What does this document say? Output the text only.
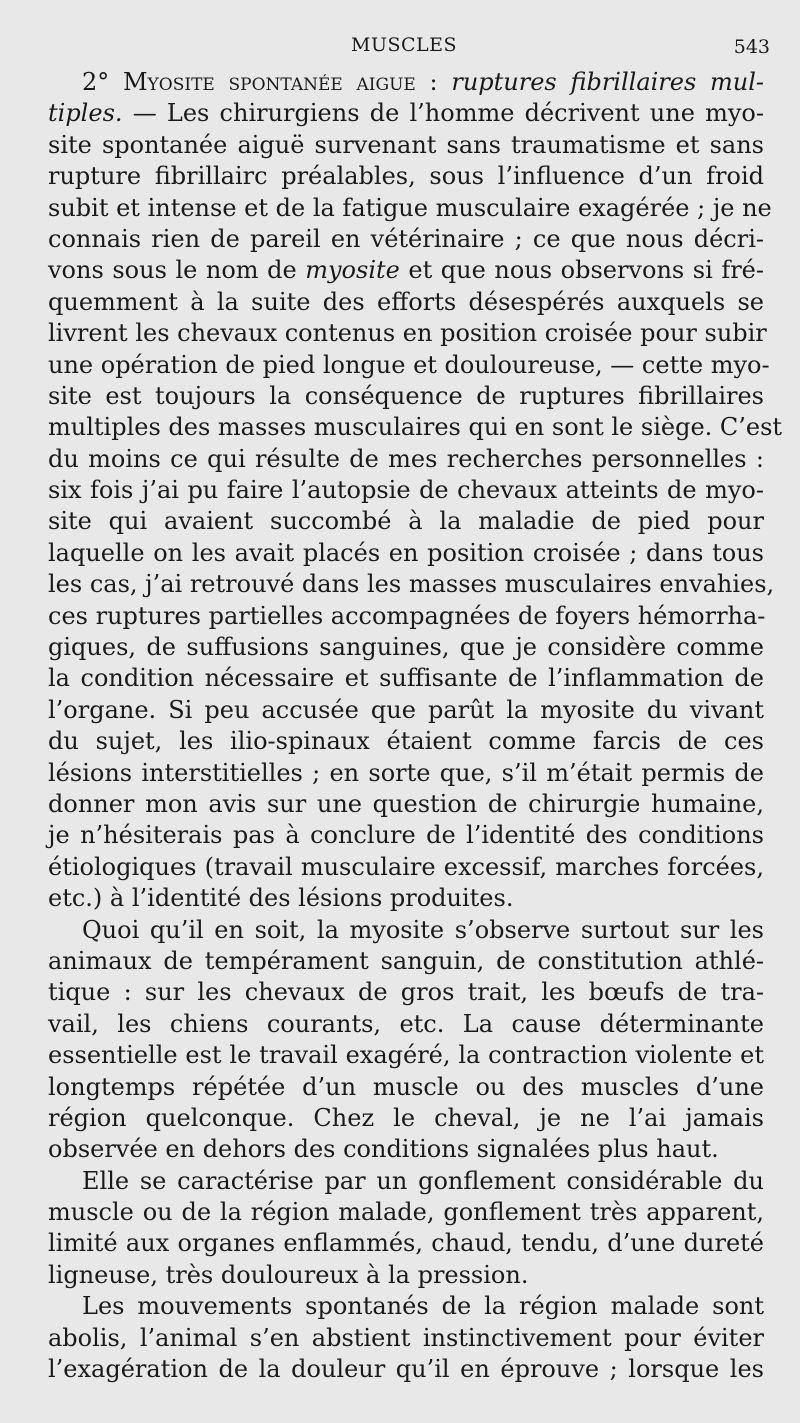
MUSCLES	543
2° Myosite spontanée aigue : ruptures fibrillaires mul-
tiples. — Les chirurgiens de l’homme décrivent une myo-
site spontanée aiguë survenant sans traumatisme et sans
rupture fibrillairc préalables, sous l’influence d’un froid
subit et intense et de la fatigue musculaire exagérée ; je ne
connais rien de pareil en vétérinaire ; ce que nous décri-
vons sous le nom de myosite et que nous observons si fré-
quemment à la suite des efforts désespérés auxquels se
livrent les chevaux contenus en position croisée pour subir
une opération de pied longue et douloureuse, — cette myo-
site est toujours la conséquence de ruptures fibrillaires
multiples des masses musculaires qui en sont le siège. C’est
du moins ce qui résulte de mes recherches personnelles :
six fois j’ai pu faire l’autopsie de chevaux atteints de myo-
site qui avaient succombé à la maladie de pied pour
laquelle on les avait placés en position croisée ; dans tous
les cas, j’ai retrouvé dans les masses musculaires envahies,
ces ruptures partielles accompagnées de foyers hémorrha-
giques, de suffusions sanguines, que je considère comme
la condition nécessaire et suffisante de l’inflammation de
l’organe. Si peu accusée que parût la myosite du vivant
du sujet, les ilio-spinaux étaient comme farcis de ces
lésions interstitielles ; en sorte que, s’il m’était permis de
donner mon avis sur une question de chirurgie humaine,
je n’hésiterais pas à conclure de l’identité des conditions
étiologiques (travail musculaire excessif, marches forcées,
etc.) à l’identité des lésions produites.
Quoi qu’il en soit, la myosite s’observe surtout sur les
animaux de tempérament sanguin, de constitution athlé-
tique : sur les chevaux de gros trait, les bœufs de tra-
vail, les chiens courants, etc. La cause déterminante
essentielle est le travail exagéré, la contraction violente et
longtemps répétée d’un muscle ou des muscles d’une
région quelconque. Chez le cheval, je ne l’ai jamais
observée en dehors des conditions signalées plus haut.
Elle se caractérise par un gonflement considérable du
muscle ou de la région malade, gonflement très apparent,
limité aux organes enflammés, chaud, tendu, d’une dureté
ligneuse, très douloureux à la pression.
Les mouvements spontanés de la région malade sont
abolis, l’animal s’en abstient instinctivement pour éviter
l’exagération de la douleur qu’il en éprouve ; lorsque les
